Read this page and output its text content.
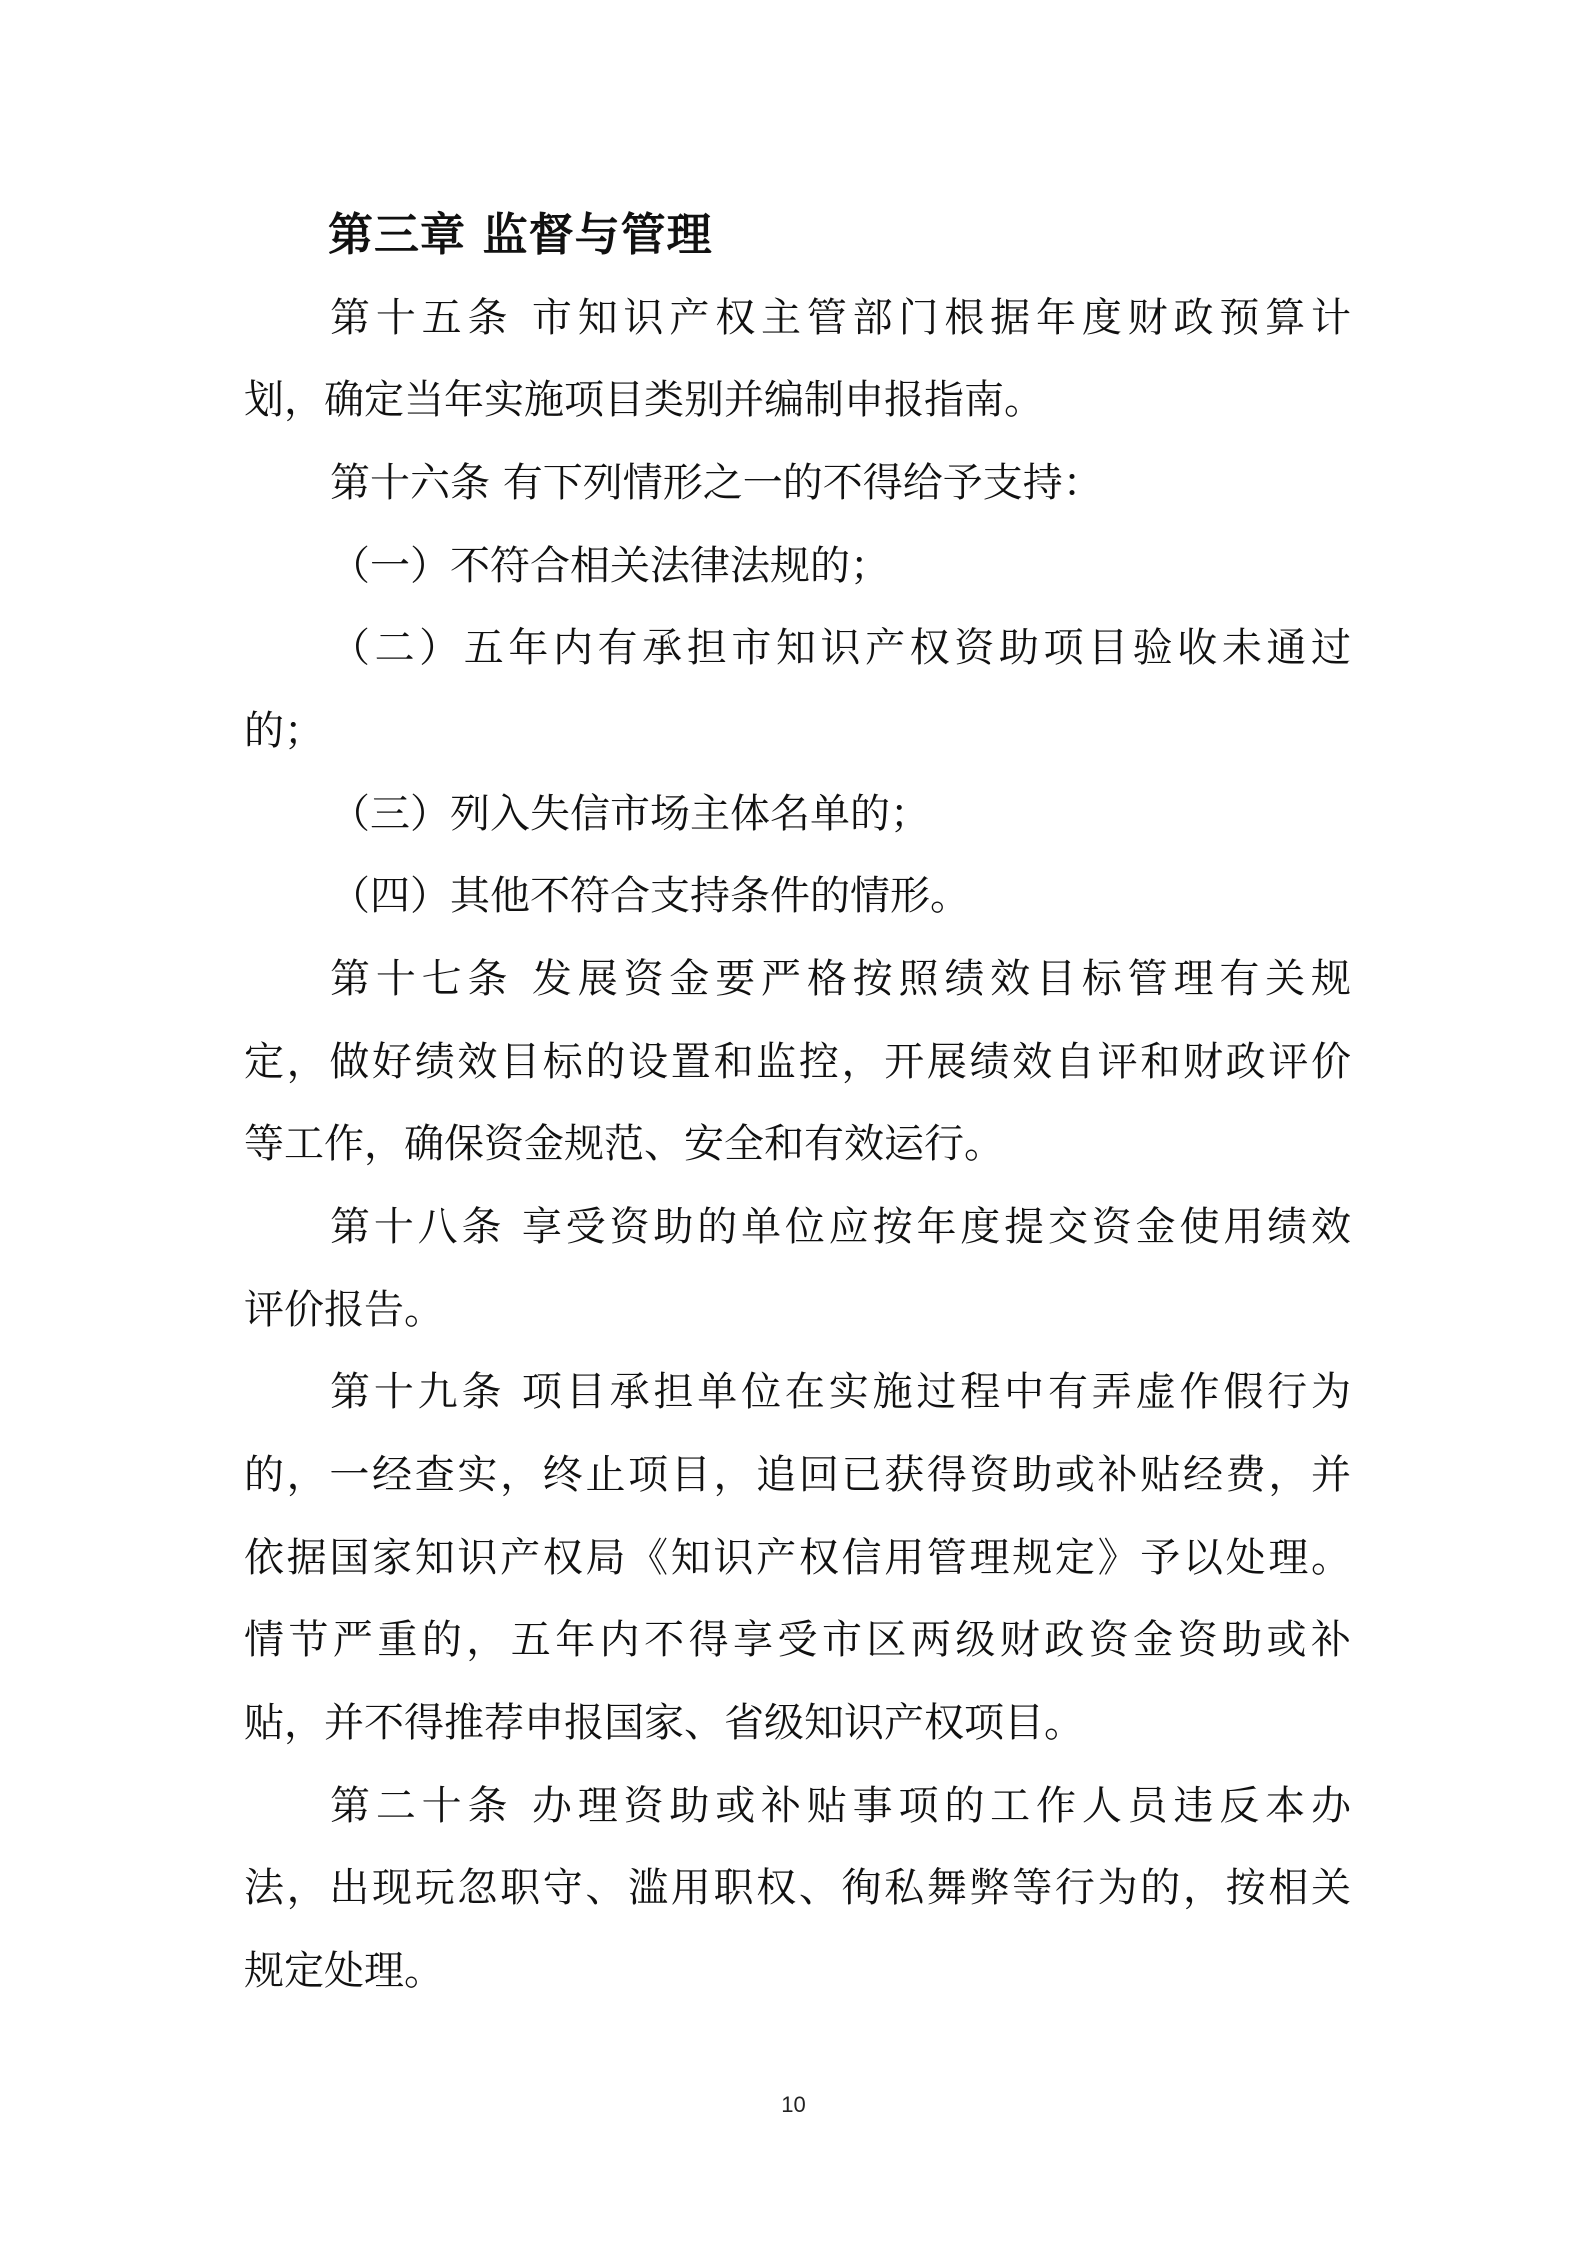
第三章 监督与管理
第十五条 市知识产权主管部门根据年度财政预算计
划，确定当年实施项目类别并编制申报指南。
第十六条 有下列情形之一的不得给予支持：
（一）不符合相关法律法规的；
（二）五年内有承担市知识产权资助项目验收未通过
的；
（三）列入失信市场主体名单的；
（四）其他不符合支持条件的情形。
第十七条 发展资金要严格按照绩效目标管理有关规
定，做好绩效目标的设置和监控，开展绩效自评和财政评价
等工作，确保资金规范、安全和有效运行。
第十八条 享受资助的单位应按年度提交资金使用绩效
评价报告。
第十九条 项目承担单位在实施过程中有弄虚作假行为
的，一经查实，终止项目，追回已获得资助或补贴经费，并
依据国家知识产权局《知识产权信用管理规定》予以处理。
情节严重的，五年内不得享受市区两级财政资金资助或补
贴，并不得推荐申报国家、省级知识产权项目。
第二十条 办理资助或补贴事项的工作人员违反本办
法，出现玩忽职守、滥用职权、徇私舞弊等行为的，按相关
规定处理。
10
